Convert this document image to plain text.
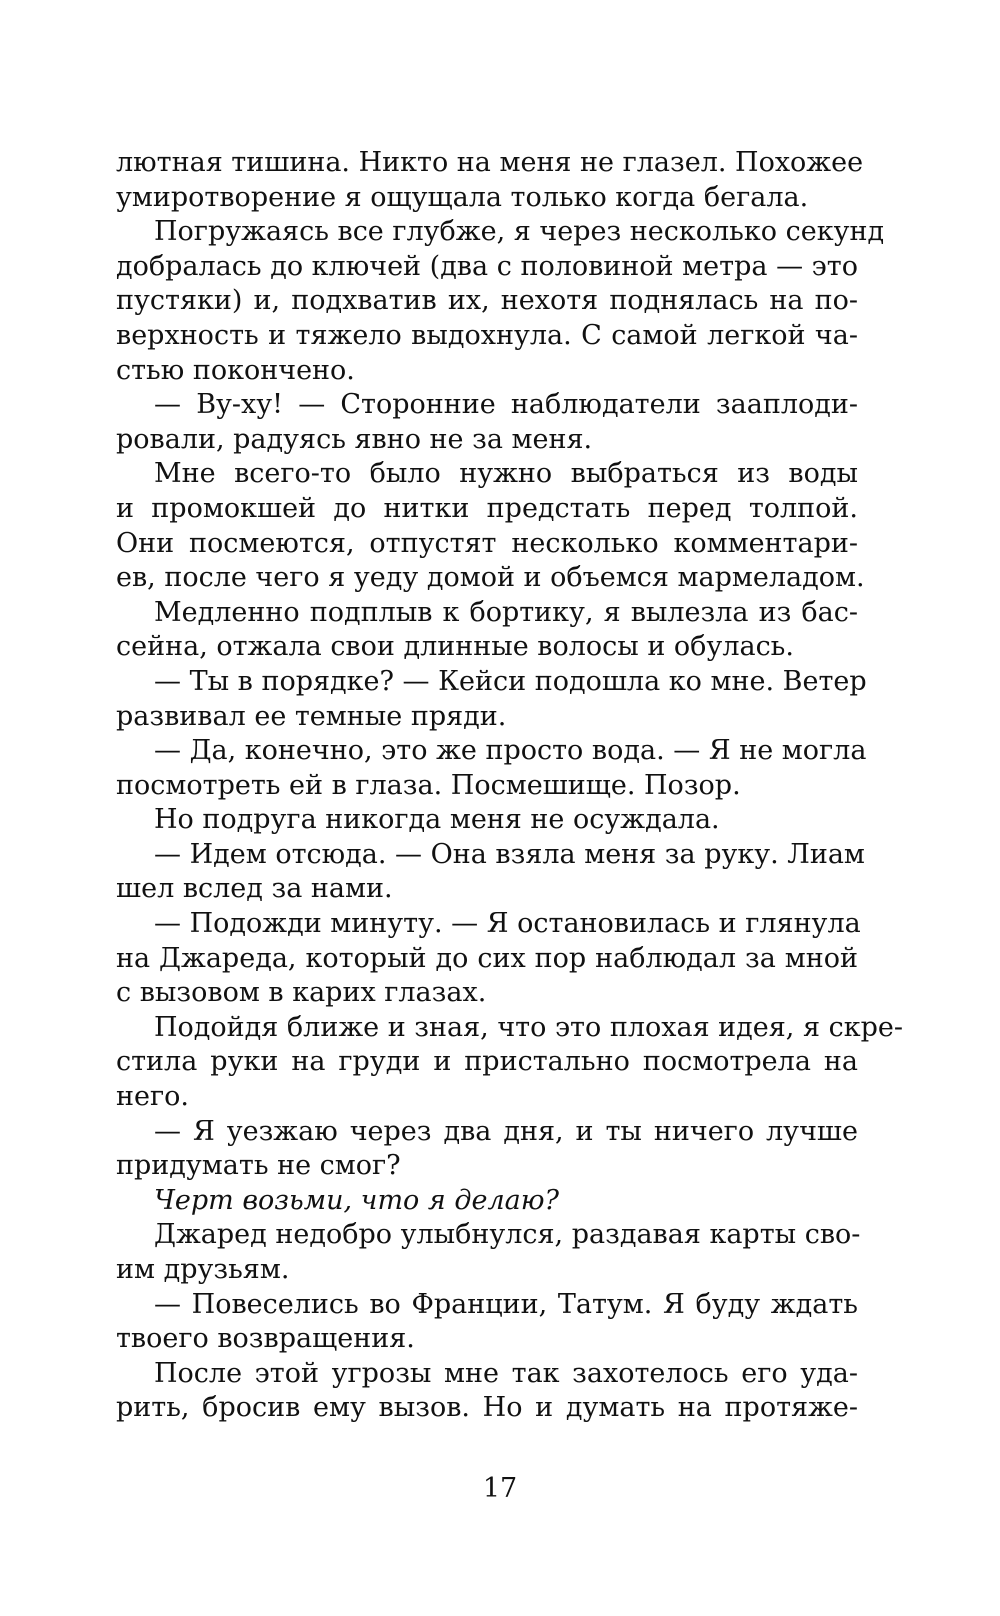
лютная тишина. Никто на меня не глазел. Похожее
умиротворение я ощущала только когда бегала.
Погружаясь все глубже, я через несколько секунд
добралась до ключей (два с половиной метра — это
пустяки) и, подхватив их, нехотя поднялась на по-
верхность и тяжело выдохнула. С самой легкой ча-
стью покончено.
— Ву-ху! — Сторонние наблюдатели зааплоди-
ровали, радуясь явно не за меня.
Мне всего-то было нужно выбраться из воды
и промокшей до нитки предстать перед толпой.
Они посмеются, отпустят несколько комментари-
ев, после чего я уеду домой и объемся мармеладом.
Медленно подплыв к бортику, я вылезла из бас-
сейна, отжала свои длинные волосы и обулась.
— Ты в порядке? — Кейси подошла ко мне. Ветер
развивал ее темные пряди.
— Да, конечно, это же просто вода. — Я не могла
посмотреть ей в глаза. Посмешище. Позор.
Но подруга никогда меня не осуждала.
— Идем отсюда. — Она взяла меня за руку. Лиам
шел вслед за нами.
— Подожди минуту. — Я остановилась и глянула
на Джареда, который до сих пор наблюдал за мной
с вызовом в карих глазах.
Подойдя ближе и зная, что это плохая идея, я скре-
стила руки на груди и пристально посмотрела на
него.
— Я уезжаю через два дня, и ты ничего лучше
придумать не смог?
Черт возьми, что я делаю?
Джаред недобро улыбнулся, раздавая карты сво-
им друзьям.
— Повеселись во Франции, Татум. Я буду ждать
твоего возвращения.
После этой угрозы мне так захотелось его уда-
рить, бросив ему вызов. Но и думать на протяже-
17
